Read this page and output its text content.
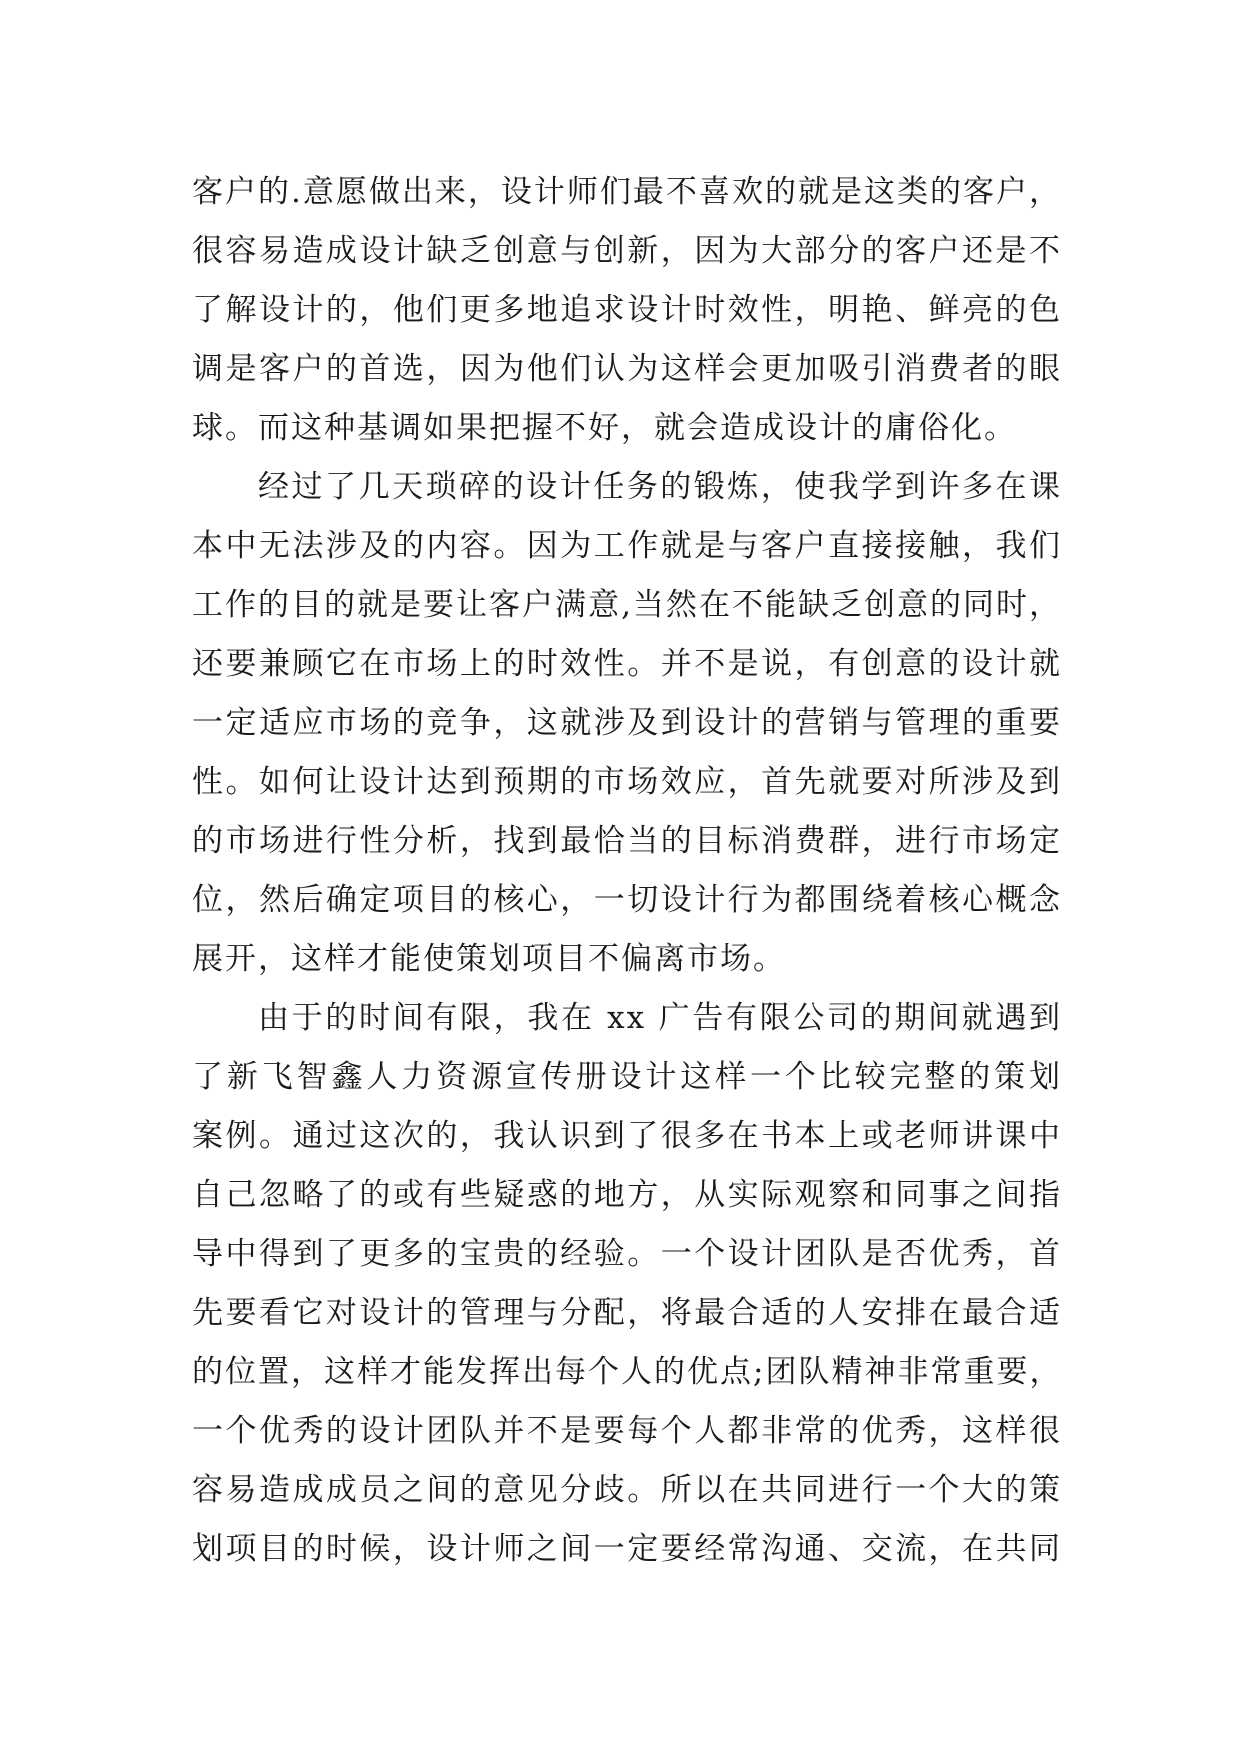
客户的.意愿做出来，设计师们最不喜欢的就是这类的客户，
很容易造成设计缺乏创意与创新，因为大部分的客户还是不
了解设计的，他们更多地追求设计时效性，明艳、鲜亮的色
调是客户的首选，因为他们认为这样会更加吸引消费者的眼
球。而这种基调如果把握不好，就会造成设计的庸俗化。
经过了几天琐碎的设计任务的锻炼，使我学到许多在课
本中无法涉及的内容。因为工作就是与客户直接接触，我们
工作的目的就是要让客户满意,当然在不能缺乏创意的同时，
还要兼顾它在市场上的时效性。并不是说，有创意的设计就
一定适应市场的竞争，这就涉及到设计的营销与管理的重要
性。如何让设计达到预期的市场效应，首先就要对所涉及到
的市场进行性分析，找到最恰当的目标消费群，进行市场定
位，然后确定项目的核心，一切设计行为都围绕着核心概念
展开，这样才能使策划项目不偏离市场。
由于的时间有限，我在 xx 广告有限公司的期间就遇到
了新飞智鑫人力资源宣传册设计这样一个比较完整的策划
案例。通过这次的，我认识到了很多在书本上或老师讲课中
自己忽略了的或有些疑惑的地方，从实际观察和同事之间指
导中得到了更多的宝贵的经验。一个设计团队是否优秀，首
先要看它对设计的管理与分配，将最合适的人安排在最合适
的位置，这样才能发挥出每个人的优点;团队精神非常重要，
一个优秀的设计团队并不是要每个人都非常的优秀，这样很
容易造成成员之间的意见分歧。所以在共同进行一个大的策
划项目的时候，设计师之间一定要经常沟通、交流，在共同
